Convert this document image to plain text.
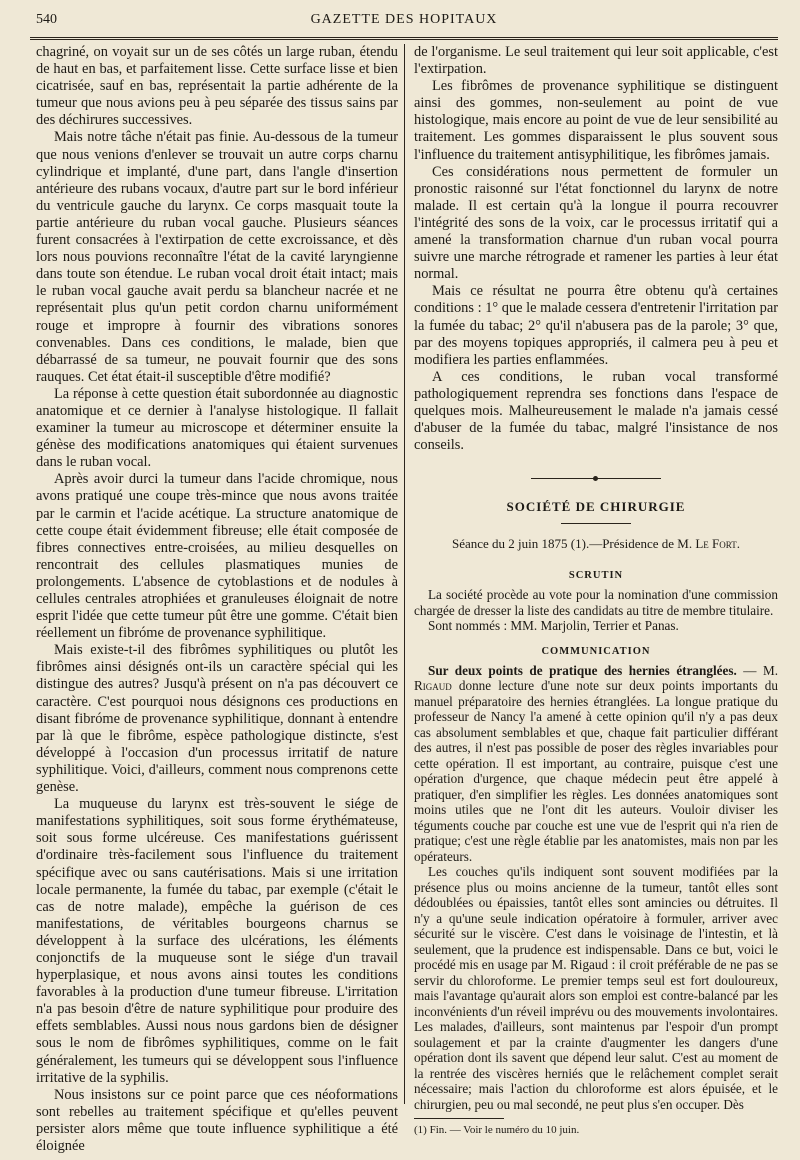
540	GAZETTE DES HOPITAUX

chagriné, on voyait sur un de ses côtés un large ruban, étendu de haut en bas, et parfaitement lisse. Cette surface lisse et bien cicatrisée, sauf en bas, représentait la partie adhérente de la tumeur que nous avions peu à peu séparée des tissus sains par des déchirures successives.

Mais notre tâche n'était pas finie. Au-dessous de la tumeur que nous venions d'enlever se trouvait un autre corps charnu cylindrique et implanté, d'une part, dans l'angle d'insertion antérieure des rubans vocaux, d'autre part sur le bord inférieur du ventricule gauche du larynx. Ce corps masquait toute la partie antérieure du ruban vocal gauche. Plusieurs séances furent consacrées à l'extirpation de cette excroissance, et dès lors nous pouvions reconnaître l'état de la cavité laryngienne dans toute son étendue. Le ruban vocal droit était intact; mais le ruban vocal gauche avait perdu sa blancheur nacrée et ne représentait plus qu'un petit cordon charnu uniformément rouge et impropre à fournir des vibrations sonores convenables. Dans ces conditions, le malade, bien que débarrassé de sa tumeur, ne pouvait fournir que des sons rauques. Cet état était-il susceptible d'être modifié?

La réponse à cette question était subordonnée au diagnostic anatomique et ce dernier à l'analyse histologique. Il fallait examiner la tumeur au microscope et déterminer ensuite la génèse des modifications anatomiques qui étaient survenues dans le ruban vocal.

Après avoir durci la tumeur dans l'acide chromique, nous avons pratiqué une coupe très-mince que nous avons traitée par le carmin et l'acide acétique. La structure anatomique de cette coupe était évidemment fibreuse; elle était composée de fibres connectives entre-croisées, au milieu desquelles on rencontrait des cellules plasmatiques munies de prolongements. L'absence de cytoblastions et de nodules à cellules centrales atrophiées et granuleuses éloignait de notre esprit l'idée que cette tumeur pût être une gomme. C'était bien réellement un fibróme de provenance syphilitique.

Mais existe-t-il des fibrômes syphilitiques ou plutôt les fibrômes ainsi désignés ont-ils un caractère spécial qui les distingue des autres? Jusqu'à présent on n'a pas découvert ce caractère. C'est pourquoi nous désignons ces productions en disant fibróme de provenance syphilitique, donnant à entendre par là que le fibrôme, espèce pathologique distincte, s'est développé à l'occasion d'un processus irritatif de nature syphilitique. Voici, d'ailleurs, comment nous comprenons cette genèse.

La muqueuse du larynx est très-souvent le siége de manifestations syphilitiques, soit sous forme érythémateuse, soit sous forme ulcéreuse. Ces manifestations guérissent d'ordinaire très-facilement sous l'influence du traitement spécifique avec ou sans cautérisations. Mais si une irritation locale permanente, la fumée du tabac, par exemple (c'était le cas de notre malade), empêche la guérison de ces manifestations, de véritables bourgeons charnus se développent à la surface des ulcérations, les éléments conjonctifs de la muqueuse sont le siége d'un travail hyperplasique, et nous avons ainsi toutes les conditions favorables à la production d'une tumeur fibreuse. L'irritation n'a pas besoin d'être de nature syphilitique pour produire des effets semblables. Aussi nous nous gardons bien de désigner sous le nom de fibrômes syphilitiques, comme on le fait généralement, les tumeurs qui se développent sous l'influence irritative de la syphilis.

Nous insistons sur ce point parce que ces néoformations sont rebelles au traitement spécifique et qu'elles peuvent persister alors même que toute influence syphilitique a été éloignée

de l'organisme. Le seul traitement qui leur soit applicable, c'est l'extirpation.

Les fibrômes de provenance syphilitique se distinguent ainsi des gommes, non-seulement au point de vue histologique, mais encore au point de vue de leur sensibilité au traitement. Les gommes disparaissent le plus souvent sous l'influence du traitement antisyphilitique, les fibrômes jamais.

Ces considérations nous permettent de formuler un pronostic raisonné sur l'état fonctionnel du larynx de notre malade. Il est certain qu'à la longue il pourra recouvrer l'intégrité des sons de la voix, car le processus irritatif qui a amené la transformation charnue d'un ruban vocal pourra suivre une marche rétrograde et ramener les parties à leur état normal.

Mais ce résultat ne pourra être obtenu qu'à certaines conditions : 1° que le malade cessera d'entretenir l'irritation par la fumée du tabac; 2° qu'il n'abusera pas de la parole; 3° que, par des moyens topiques appropriés, il calmera peu à peu et modifiera les parties enflammées.

A ces conditions, le ruban vocal transformé pathologiquement reprendra ses fonctions dans l'espace de quelques mois. Malheureusement le malade n'a jamais cessé d'abuser de la fumée du tabac, malgré l'insistance de nos conseils.

SOCIÉTÉ DE CHIRURGIE
Séance du 2 juin 1875 (1).—Présidence de M. Le Fort.
SCRUTIN

La société procède au vote pour la nomination d'une commission chargée de dresser la liste des candidats au titre de membre titulaire.

Sont nommés : MM. Marjolin, Terrier et Panas.

COMMUNICATION

Sur deux points de pratique des hernies étranglées. — M. Rigaud donne lecture d'une note sur deux points importants du manuel préparatoire des hernies étranglées. La longue pratique du professeur de Nancy l'a amené à cette opinion qu'il n'y a pas deux cas absolument semblables et que, chaque fait particulier différant des autres, il n'est pas possible de poser des règles invariables pour cette opération. Il est important, au contraire, puisque c'est une opération d'urgence, que chaque médecin peut être appelé à pratiquer, d'en simplifier les règles. Les données anatomiques sont moins utiles que ne l'ont dit les auteurs. Vouloir diviser les téguments couche par couche est une vue de l'esprit qui n'a rien de pratique; c'est une règle établie par les anatomistes, mais non par les opérateurs.

Les couches qu'ils indiquent sont souvent modifiées par la présence plus ou moins ancienne de la tumeur, tantôt elles sont dédoublées ou épaissies, tantôt elles sont amincies ou détruites. Il n'y a qu'une seule indication opératoire à formuler, arriver avec sécurité sur le viscère. C'est dans le voisinage de l'intestin, et là seulement, que la prudence est indispensable. Dans ce but, voici le procédé mis en usage par M. Rigaud : il croit préférable de ne pas se servir du chloroforme. Le premier temps seul est fort douloureux, mais l'avantage qu'aurait alors son emploi est contre-balancé par les inconvénients d'un réveil imprévu ou des mouvements involontaires. Les malades, d'ailleurs, sont maintenus par l'espoir d'un prompt soulagement et par la crainte d'augmenter les dangers d'une opération dont ils savent que dépend leur salut. C'est au moment de la rentrée des viscères herniés que le relâchement complet serait nécessaire; mais l'action du chloroforme est alors épuisée, et le chirurgien, peu ou mal secondé, ne peut plus s'en occuper. Dès

(1) Fin. — Voir le numéro du 10 juin.
